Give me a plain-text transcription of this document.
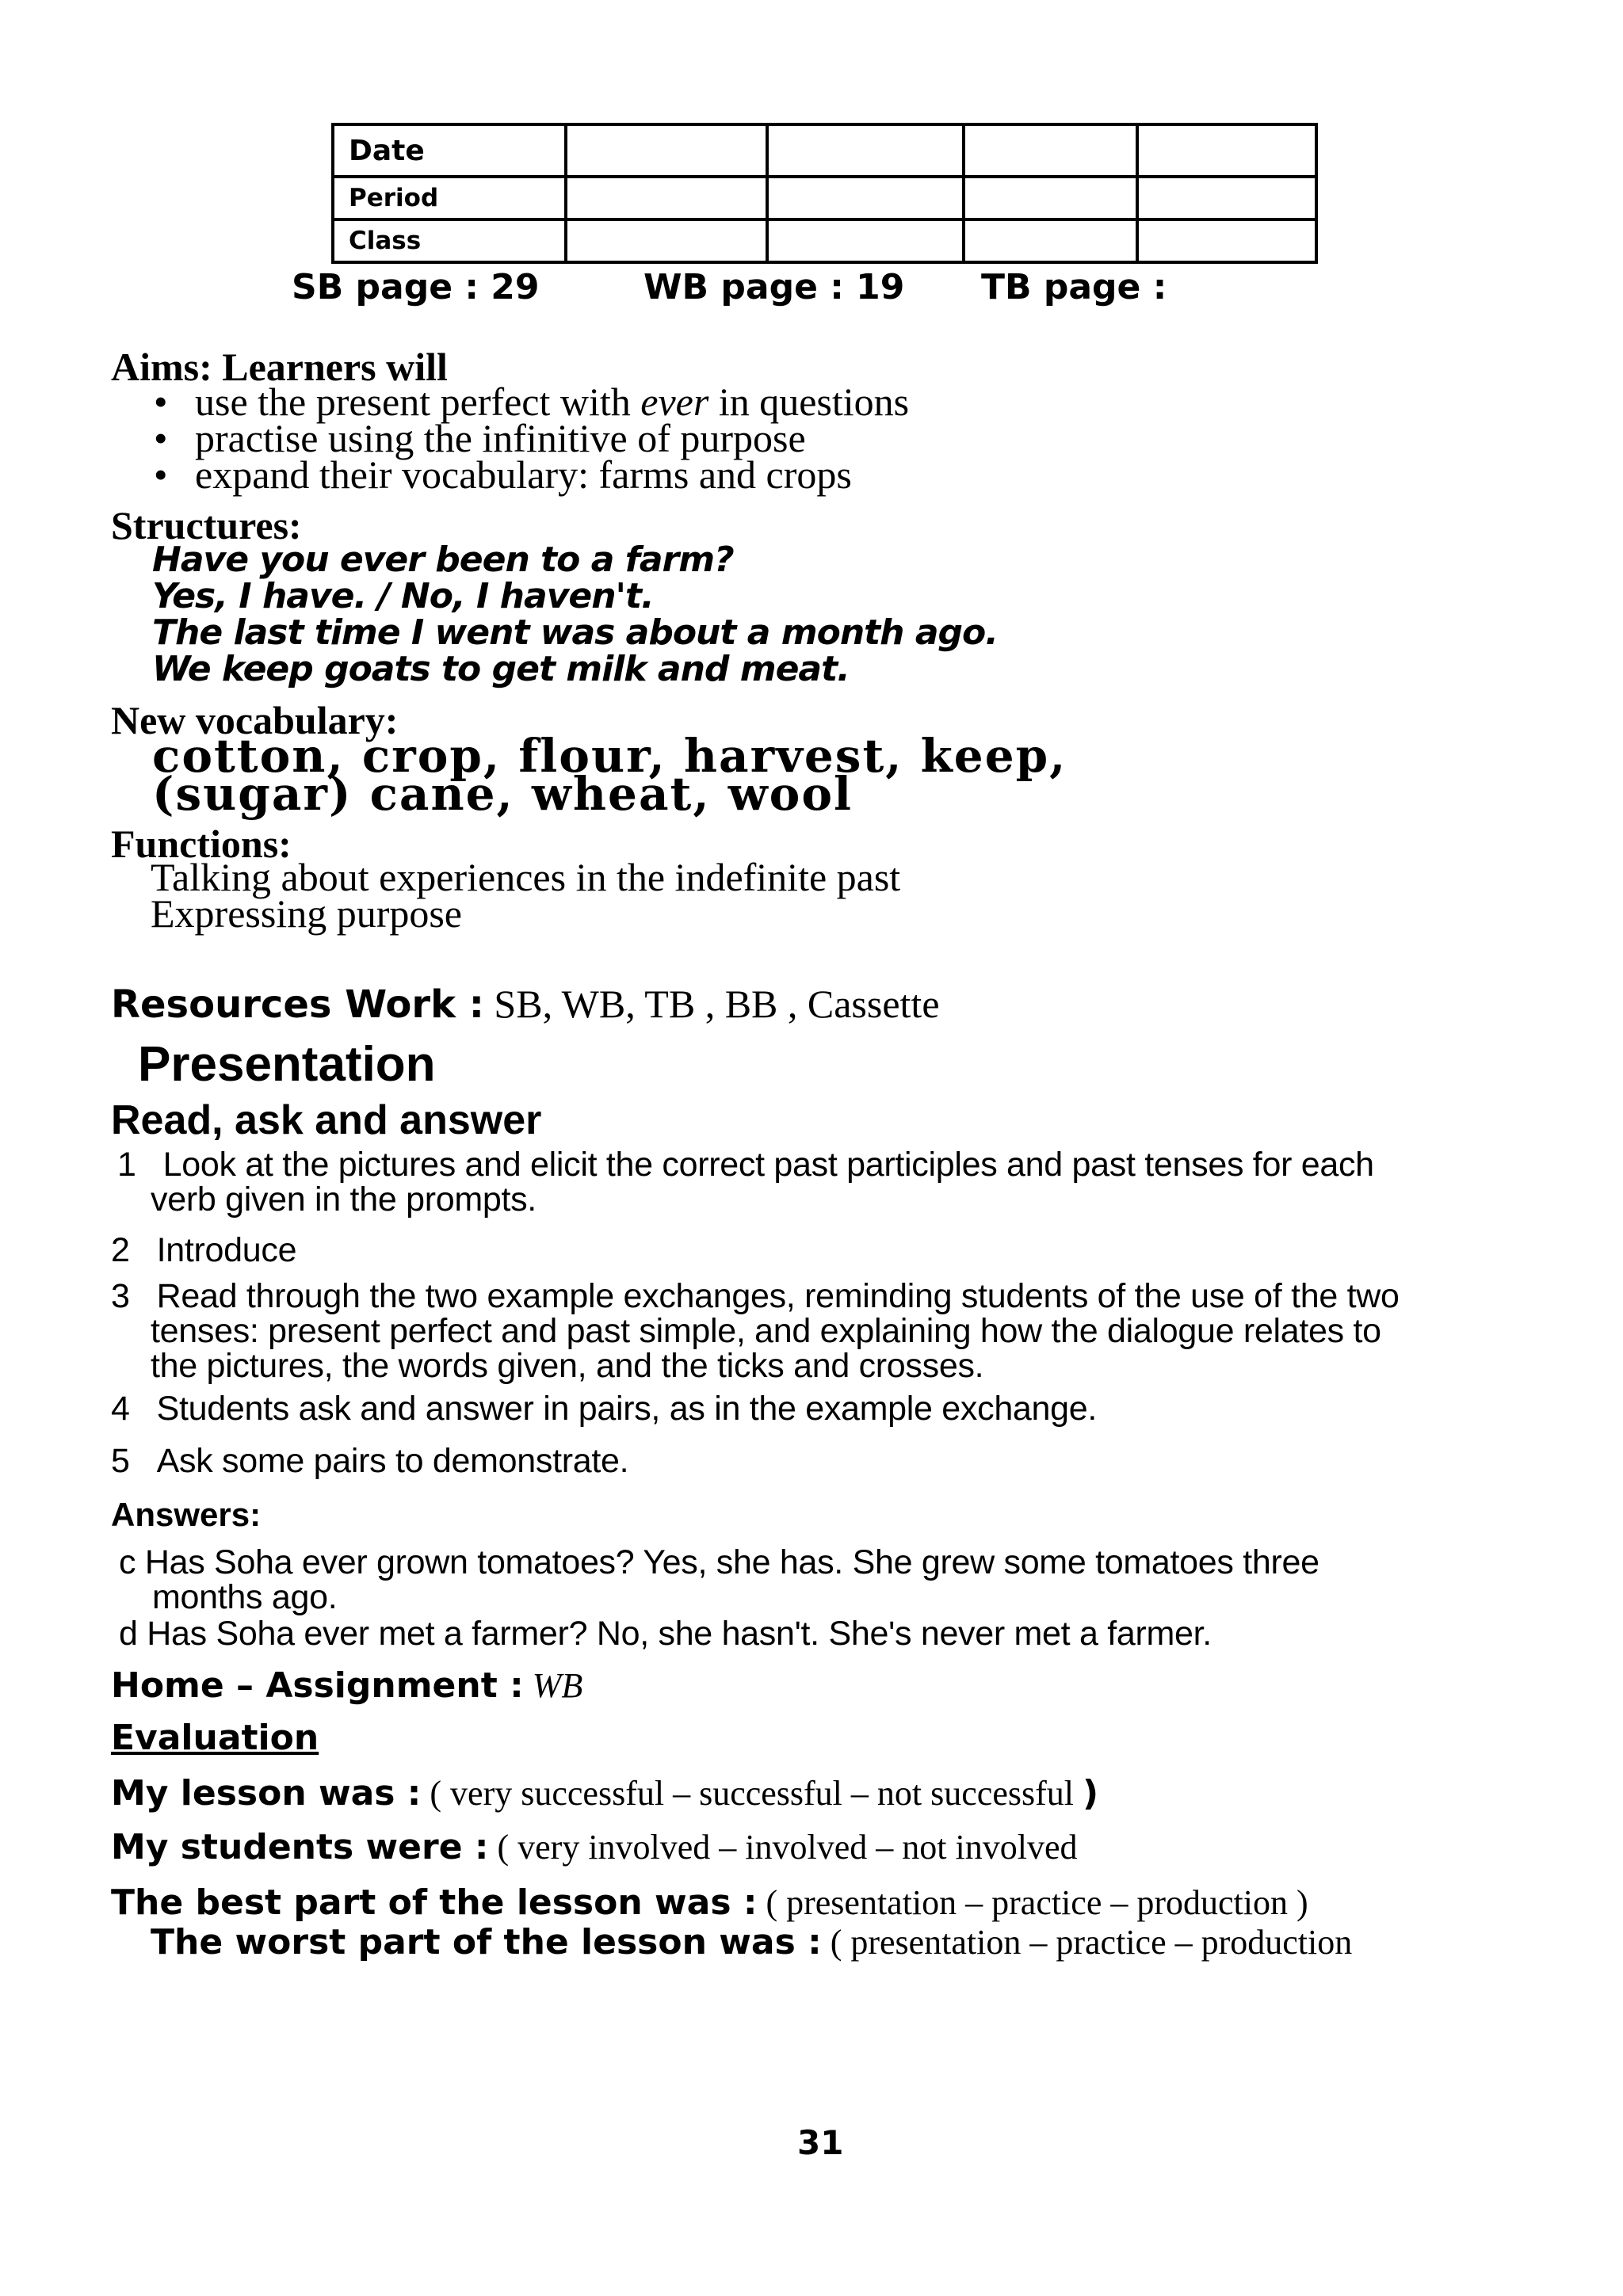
Date				
Period				
Class				
SB page : 29	WB page : 19 TB page :
Aims: Learners will
• use the present perfect with ever in questions
• practise using the infinitive of purpose
• expand their vocabulary: farms and crops
Structures:
Have you ever been to a farm?
Yes, I have. / No, I haven't.
The last time I went was about a month ago.
We keep goats to get milk and meat.
New vocabulary:
cotton, crop, flour, harvest, keep,
(sugar) cane, wheat, wool
Functions:
Talking about experiences in the indefinite past
Expressing purpose
Resources Work : SB, WB, TB , BB , Cassette
Presentation
Read, ask and answer
1 Look at the pictures and elicit the correct past participles and past tenses for each
verb given in the prompts.
2 Introduce
3 Read through the two example exchanges, reminding students of the use of the two
tenses: present perfect and past simple, and explaining how the dialogue relates to
the pictures, the words given, and the ticks and crosses.
4 Students ask and answer in pairs, as in the example exchange.
5 Ask some pairs to demonstrate.
Answers:
c Has Soha ever grown tomatoes? Yes, she has. She grew some tomatoes three
months ago.
d Has Soha ever met a farmer? No, she hasn't. She's never met a farmer.
Home – Assignment : WB
Evaluation
My lesson was : ( very successful – successful – not successful )
My students were : ( very involved – involved – not involved
The best part of the lesson was : ( presentation – practice – production )
The worst part of the lesson was : ( presentation – practice – production
31
